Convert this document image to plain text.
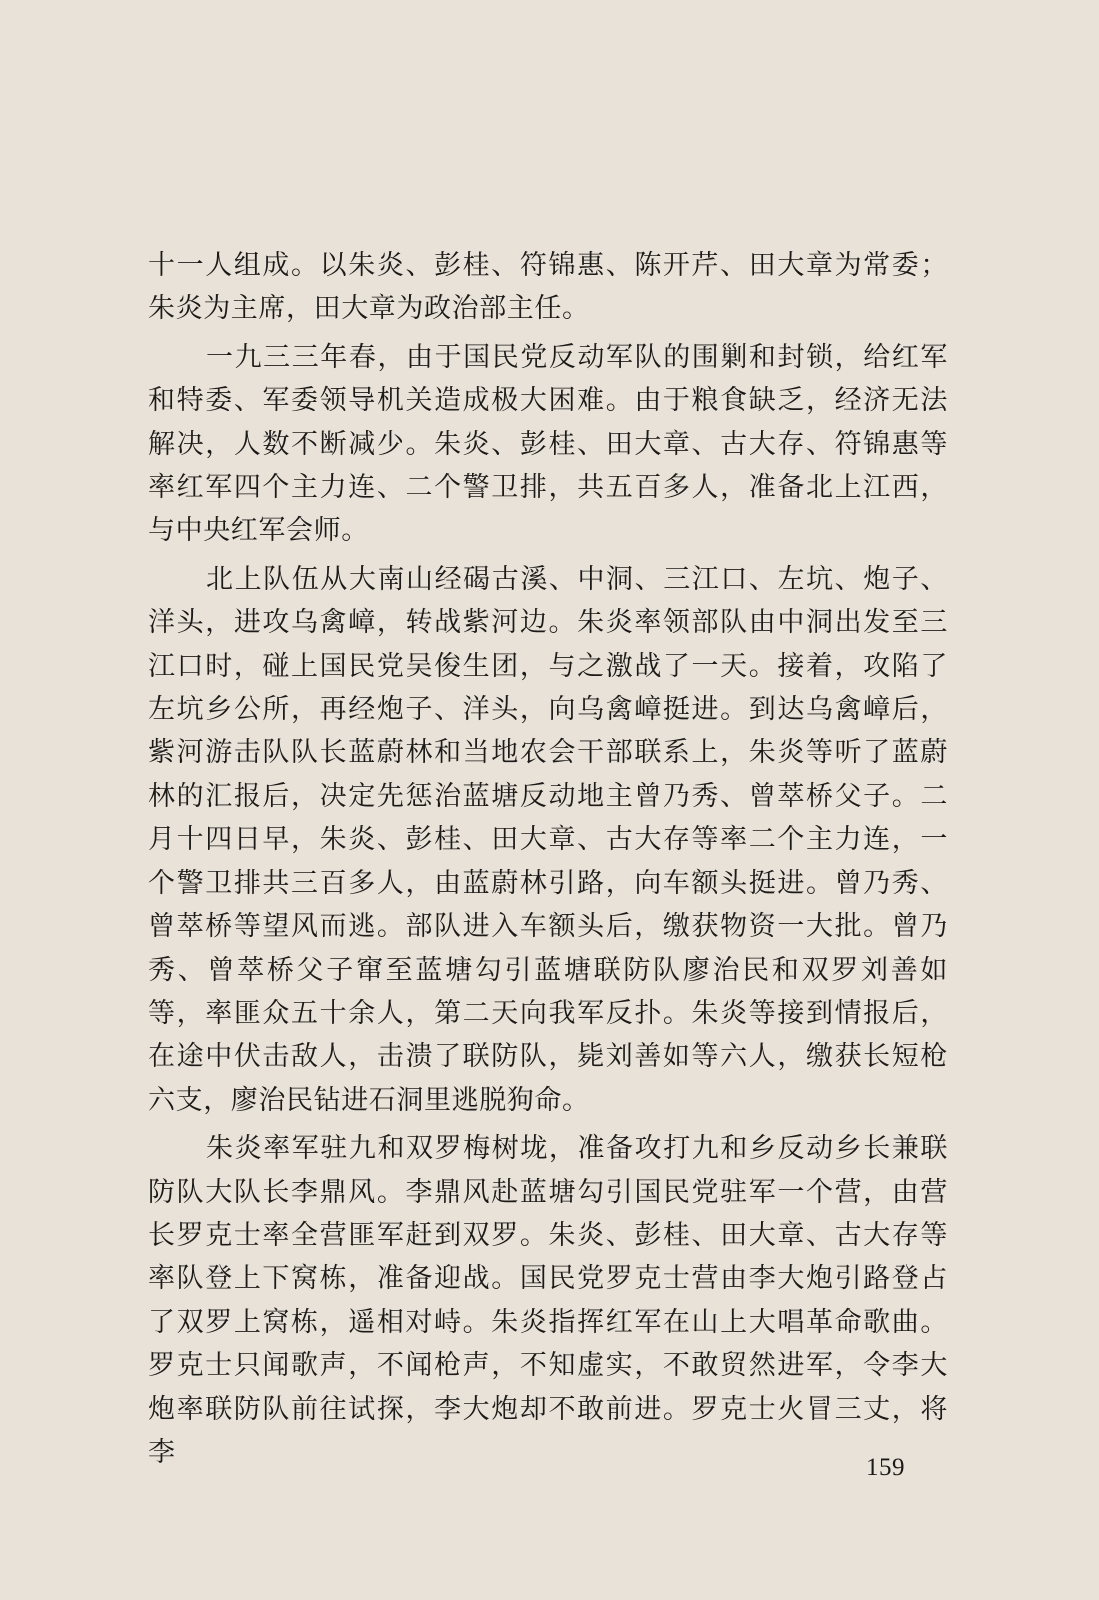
十一人组成。以朱炎、彭桂、符锦惠、陈开芹、田大章为常委；朱炎为主席，田大章为政治部主任。

一九三三年春，由于国民党反动军队的围剿和封锁，给红军和特委、军委领导机关造成极大困难。由于粮食缺乏，经济无法解决，人数不断减少。朱炎、彭桂、田大章、古大存、符锦惠等率红军四个主力连、二个警卫排，共五百多人，准备北上江西，与中央红军会师。

北上队伍从大南山经碣古溪、中洞、三江口、左坑、炮子、洋头，进攻乌禽嶂，转战紫河边。朱炎率领部队由中洞出发至三江口时，碰上国民党吴俊生团，与之激战了一天。接着，攻陷了左坑乡公所，再经炮子、洋头，向乌禽嶂挺进。到达乌禽嶂后，紫河游击队队长蓝蔚林和当地农会干部联系上，朱炎等听了蓝蔚林的汇报后，决定先惩治蓝塘反动地主曾乃秀、曾萃桥父子。二月十四日早，朱炎、彭桂、田大章、古大存等率二个主力连，一个警卫排共三百多人，由蓝蔚林引路，向车额头挺进。曾乃秀、曾萃桥等望风而逃。部队进入车额头后，缴获物资一大批。曾乃秀、曾萃桥父子窜至蓝塘勾引蓝塘联防队廖治民和双罗刘善如等，率匪众五十余人，第二天向我军反扑。朱炎等接到情报后，在途中伏击敌人，击溃了联防队，毙刘善如等六人，缴获长短枪六支，廖治民钻进石洞里逃脱狗命。

朱炎率军驻九和双罗梅树垅，准备攻打九和乡反动乡长兼联防队大队长李鼎风。李鼎风赴蓝塘勾引国民党驻军一个营，由营长罗克士率全营匪军赶到双罗。朱炎、彭桂、田大章、古大存等率队登上下窝栋，准备迎战。国民党罗克士营由李大炮引路登占了双罗上窝栋，遥相对峙。朱炎指挥红军在山上大唱革命歌曲。罗克士只闻歌声，不闻枪声，不知虚实，不敢贸然进军，令李大炮率联防队前往试探，李大炮却不敢前进。罗克士火冒三丈，将李	159
